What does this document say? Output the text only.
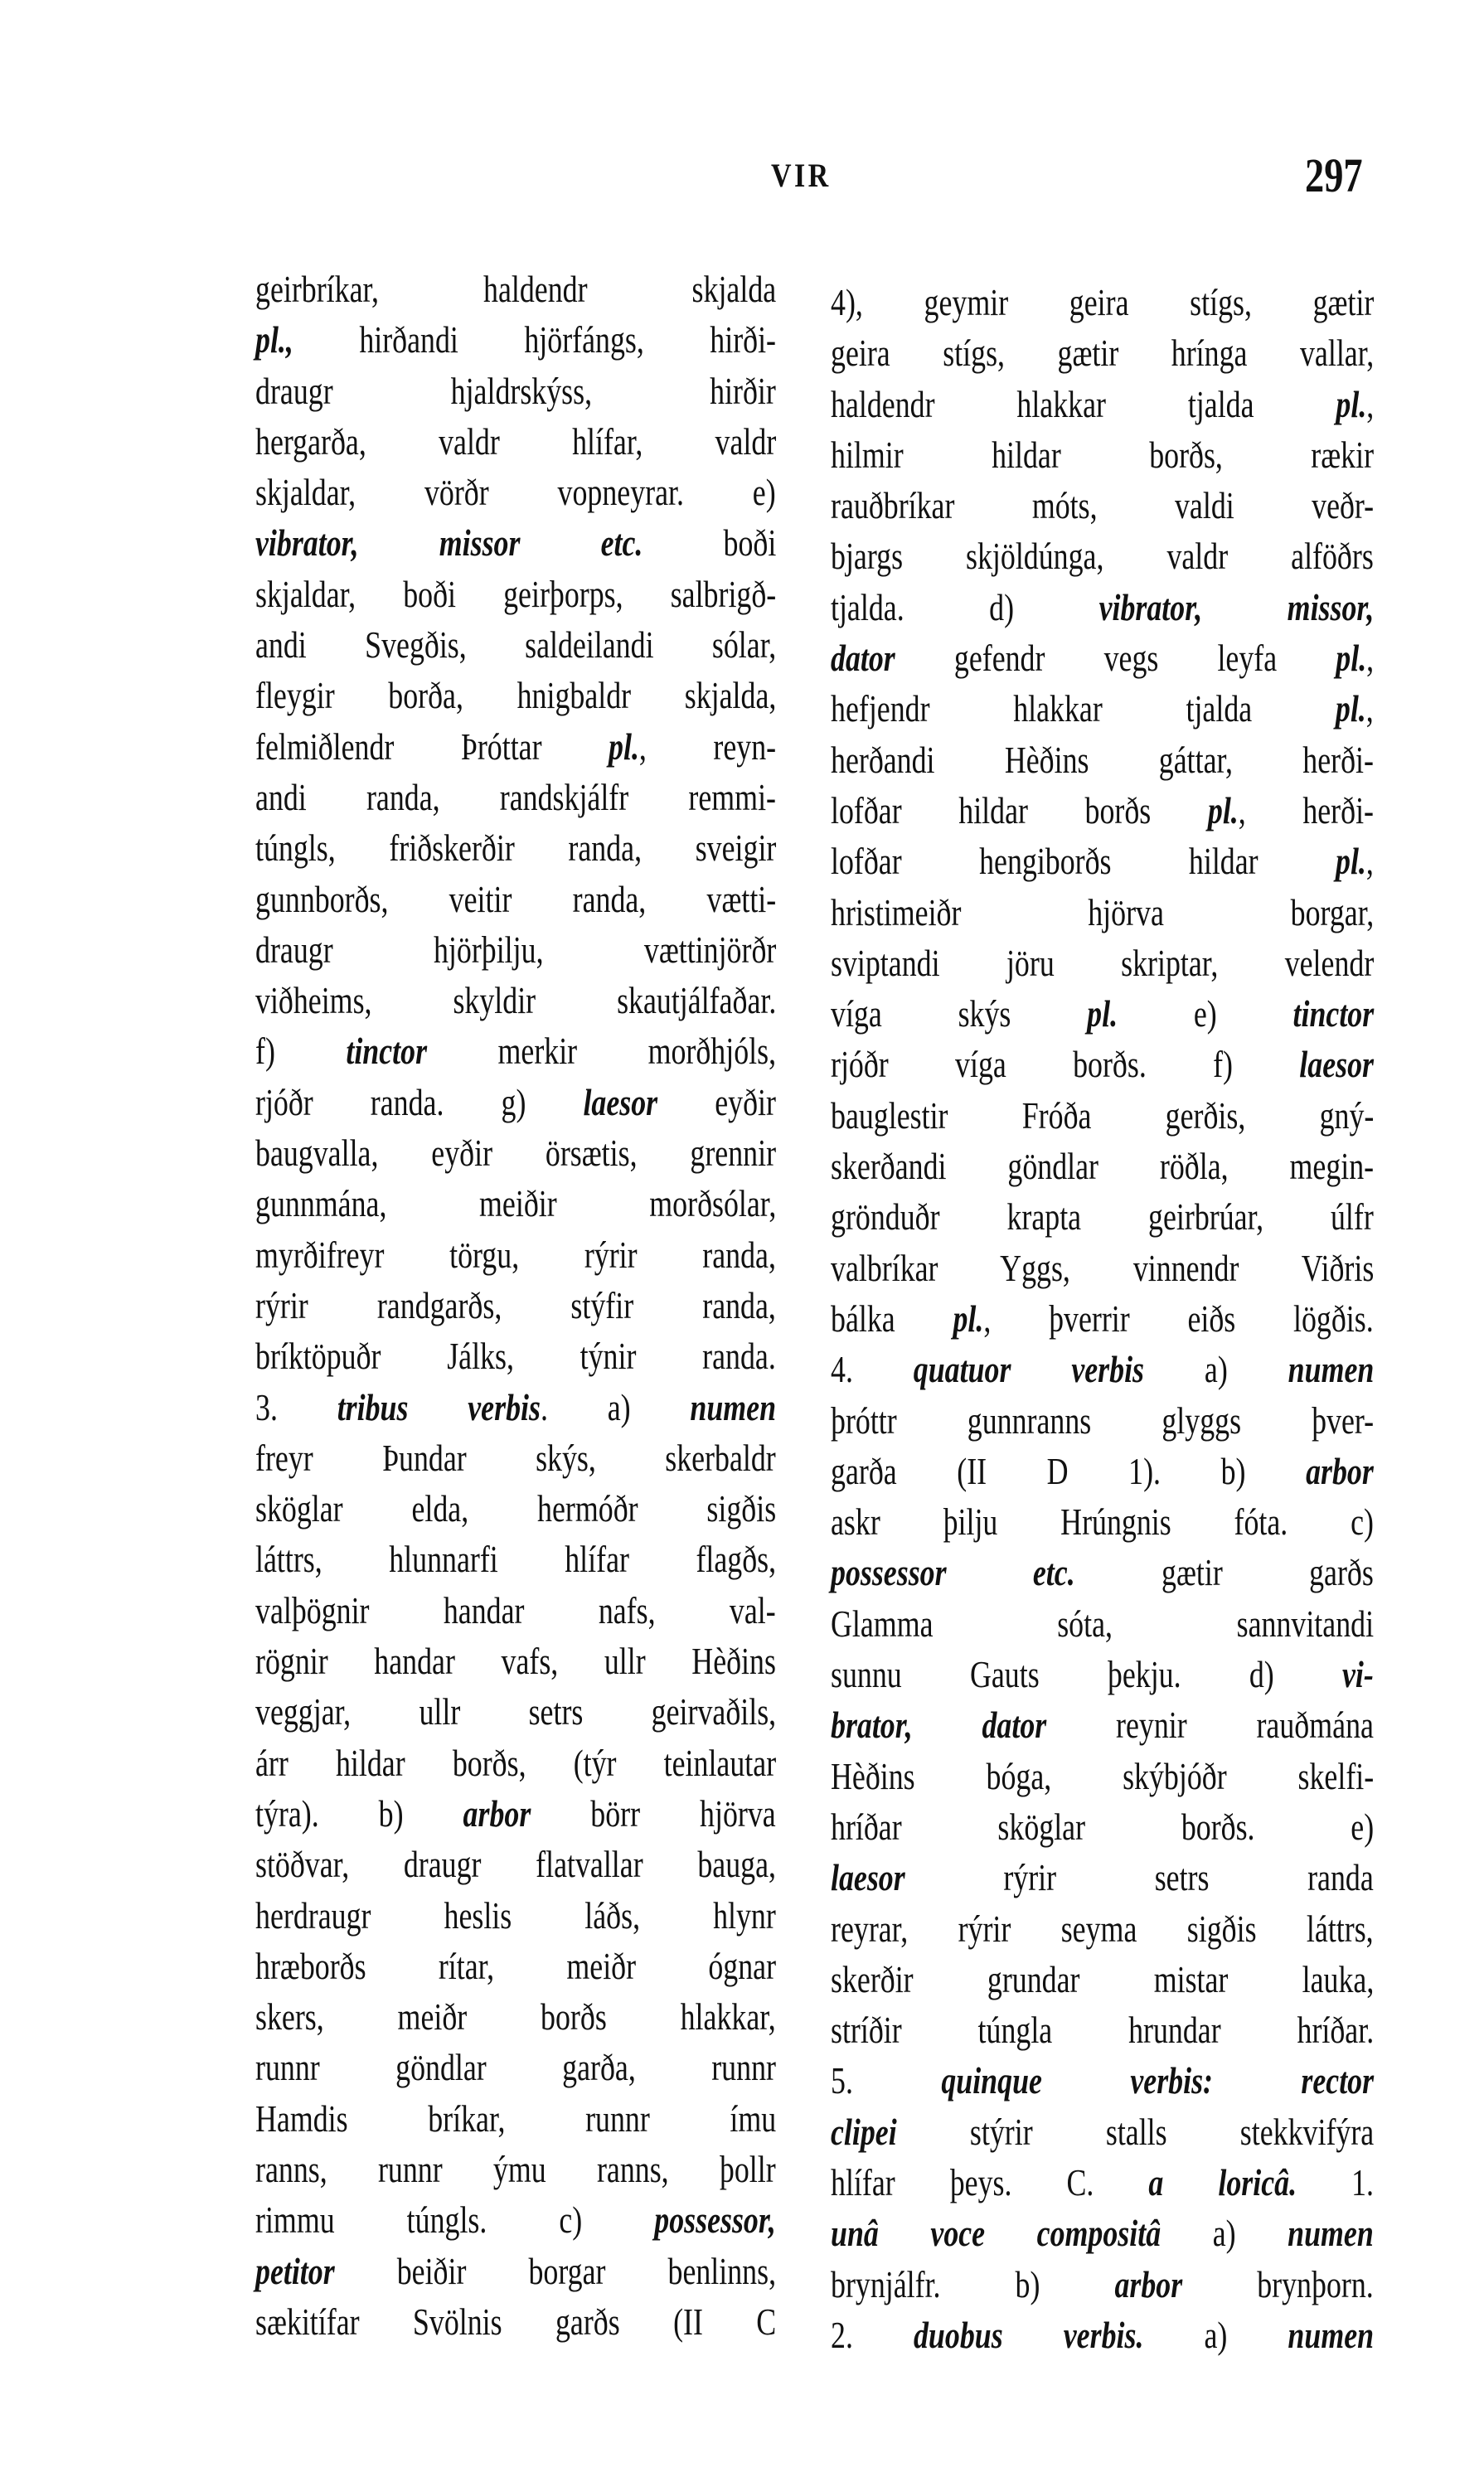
VIR	297
geirbríkar, haldendr skjalda
pl., hirðandi hjörfángs, hirði-
draugr hjaldrskýss, hirðir
hergarða, valdr hlífar, valdr
skjaldar, vörðr vopneyrar. e)
vibrator, missor etc. boði
skjaldar, boði geirþorps, salbrigð-
andi Svegðis, saldeilandi sólar,
fleygir borða, hnigbaldr skjalda,
felmiðlendr Þróttar pl., reyn-
andi randa, randskjálfr remmi-
túngls, friðskerðir randa, sveigir
gunnborðs, veitir randa, vætti-
draugr hjörþilju, vættinjörðr
viðheims, skyldir skautjálfaðar.
f) tinctor merkir morðhjóls,
rjóðr randa. g) laesor eyðir
baugvalla, eyðir örsætis, grennir
gunnmána, meiðir morðsólar,
myrðifreyr törgu, rýrir randa,
rýrir randgarðs, stýfir randa,
bríktöpuðr Jálks, týnir randa.
3. tribus verbis. a) numen
freyr Þundar skýs, skerbaldr
sköglar elda, hermóðr sigðis
láttrs, hlunnarfi hlífar flagðs,
valþögnir handar nafs, val-
rögnir handar vafs, ullr Hèðins
veggjar, ullr setrs geirvaðils,
árr hildar borðs, (týr teinlautar
týra). b) arbor börr hjörva
stöðvar, draugr flatvallar bauga,
herdraugr heslis láðs, hlynr
hræborðs rítar, meiðr ógnar
skers, meiðr borðs hlakkar,
runnr göndlar garða, runnr
Hamdis bríkar, runnr ímu
ranns, runnr ýmu ranns, þollr
rimmu túngls. c) possessor,
petitor beiðir borgar benlinns,
sækitífar Svölnis garðs (II C
4), geymir geira stígs, gætir
geira stígs, gætir hrínga vallar,
haldendr hlakkar tjalda pl.,
hilmir hildar borðs, rækir
rauðbríkar móts, valdi veðr-
bjargs skjöldúnga, valdr alföðrs
tjalda. d) vibrator, missor,
dator gefendr vegs leyfa pl.,
hefjendr hlakkar tjalda pl.,
herðandi Hèðins gáttar, herði-
lofðar hildar borðs pl., herði-
lofðar hengiborðs hildar pl.,
hristimeiðr hjörva borgar,
sviptandi jöru skriptar, velendr
víga skýs pl. e) tinctor
rjóðr víga borðs. f) laesor
bauglestir Fróða gerðis, gný-
skerðandi göndlar röðla, megin-
grönduðr krapta geirbrúar, úlfr
valbríkar Yggs, vinnendr Viðris
bálka pl., þverrir eiðs lögðis.
4. quatuor verbis a) numen
þróttr gunnranns glyggs þver-
garða (II D 1). b) arbor
askr þilju Hrúngnis fóta. c)
possessor etc. gætir garðs
Glamma sóta, sannvitandi
sunnu Gauts þekju. d) vi-
brator, dator reynir rauðmána
Hèðins bóga, skýbjóðr skelfi-
hríðar sköglar borðs. e)
laesor rýrir setrs randa
reyrar, rýrir seyma sigðis láttrs,
skerðir grundar mistar lauka,
stríðir túngla hrundar hríðar.
5. quinque verbis: rector
clipei stýrir stalls stekkvifýra
hlífar þeys. C. a loricâ. 1.
unâ voce compositâ a) numen
brynjálfr. b) arbor brynþorn.
2. duobus verbis. a) numen
